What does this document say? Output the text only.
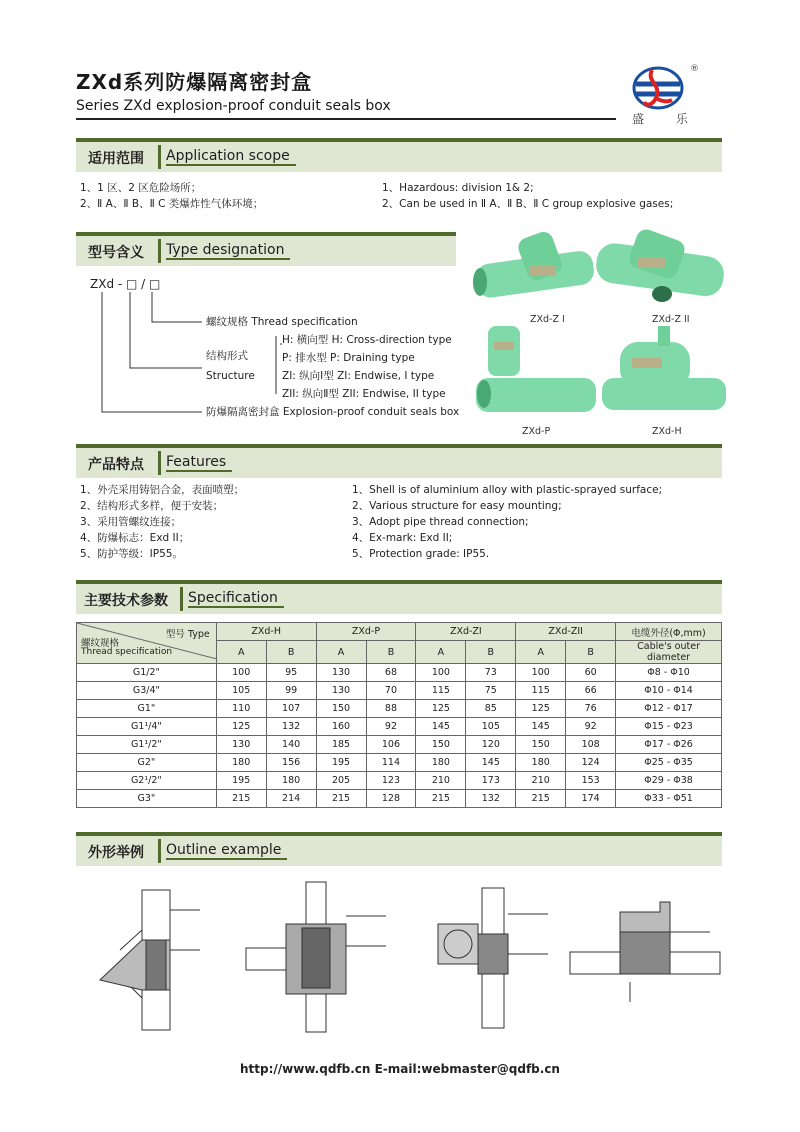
ZXd系列防爆隔离密封盒
Series ZXd explosion-proof conduit seals box
®
盛 乐
适用范围 Application scope
1、1 区、2 区危险场所；
2、Ⅱ A、Ⅱ B、Ⅱ C 类爆炸性气体环境；
1、Hazardous: division 1& 2;
2、Can be used in Ⅱ A、Ⅱ B、Ⅱ C group explosive gases;
型号含义 Type designation
ZXd - □ / □
螺纹规格 Thread specification
结构形式
Structure
H: 横向型 H: Cross-direction type
P: 排水型 P: Draining type
ZI: 纵向Ⅰ型 ZI: Endwise, I type
ZII: 纵向Ⅱ型 ZII: Endwise, II type
防爆隔离密封盒 Explosion-proof conduit seals box
ZXd-Z I	ZXd-Z II
ZXd-P	ZXd-H
产品特点 Features
1、外壳采用铸铝合金，表面喷塑；
2、结构形式多样，便于安装；
3、采用管螺纹连接；
4、防爆标志：Exd II；
5、防护等级：IP55。
1、Shell is of aluminium alloy with plastic-sprayed surface;
2、Various structure for easy mounting;
3、Adopt pipe thread connection;
4、Ex-mark: Exd II;
5、Protection grade: IP55.
主要技术参数 Specification
型号 Type
螺纹规格
Thread specification	ZXd-H		ZXd-P		ZXd-ZI		ZXd-ZII		电缆外径(Φ,mm)
	A	B	A	B	A	B	A	B	Cable's outer diameter
G1/2"	100	95	130	68	100	73	100	60	Φ8 - Φ10
G3/4"	105	99	130	70	115	75	115	66	Φ10 - Φ14
G1"	110	107	150	88	125	85	125	76	Φ12 - Φ17
G1¹/4"	125	132	160	92	145	105	145	92	Φ15 - Φ23
G1¹/2"	130	140	185	106	150	120	150	108	Φ17 - Φ26
G2"	180	156	195	114	180	145	180	124	Φ25 - Φ35
G2¹/2"	195	180	205	123	210	173	210	153	Φ29 - Φ38
G3"	215	214	215	128	215	132	215	174	Φ33 - Φ51
外形举例 Outline example
http://www.qdfb.cn E-mail:webmaster@qdfb.cn
